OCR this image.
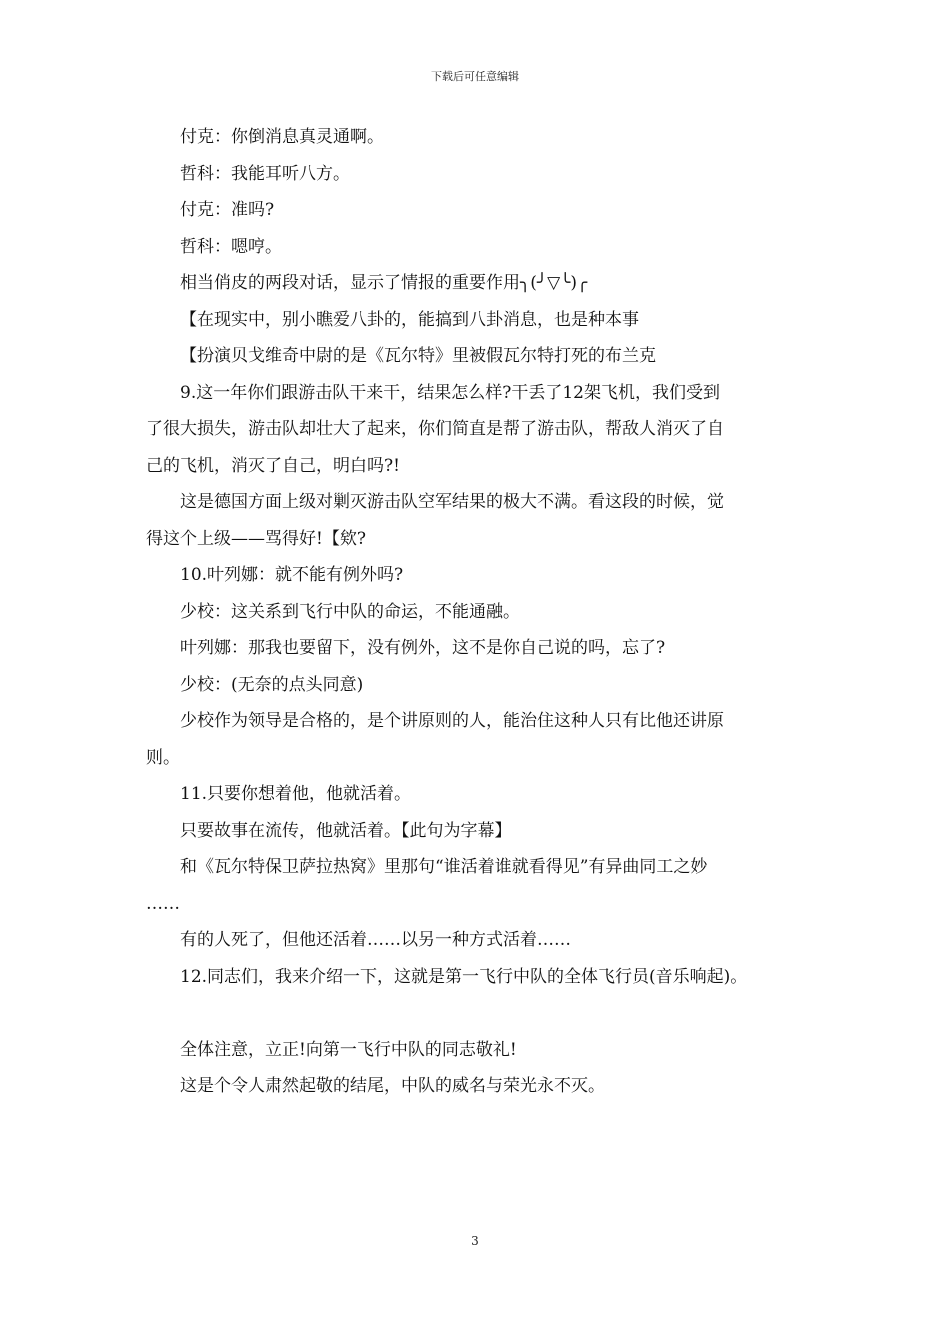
下载后可任意编辑

付克：你倒消息真灵通啊。

哲科：我能耳听八方。

付克：准吗?

哲科：嗯哼。

相当俏皮的两段对话，显示了情报的重要作用╮(╯▽╰)╭

【在现实中，别小瞧爱八卦的，能搞到八卦消息，也是种本事

【扮演贝戈维奇中尉的是《瓦尔特》里被假瓦尔特打死的布兰克

9.这一年你们跟游击队干来干，结果怎么样?干丢了12架飞机，我们受到

了很大损失，游击队却壮大了起来，你们简直是帮了游击队，帮敌人消灭了自

己的飞机，消灭了自己，明白吗?!

这是德国方面上级对剿灭游击队空军结果的极大不满。看这段的时候，觉

得这个上级——骂得好!【欸?

10.叶列娜：就不能有例外吗?

少校：这关系到飞行中队的命运，不能通融。

叶列娜：那我也要留下，没有例外，这不是你自己说的吗，忘了?

少校：(无奈的点头同意)

少校作为领导是合格的，是个讲原则的人，能治住这种人只有比他还讲原

则。

11.只要你想着他，他就活着。

只要故事在流传，他就活着。【此句为字幕】

和《瓦尔特保卫萨拉热窝》里那句“谁活着谁就看得见”有异曲同工之妙

……

有的人死了，但他还活着……以另一种方式活着……

12.同志们，我来介绍一下，这就是第一飞行中队的全体飞行员(音乐响起)。

全体注意，立正!向第一飞行中队的同志敬礼!

这是个令人肃然起敬的结尾，中队的威名与荣光永不灭。

3
